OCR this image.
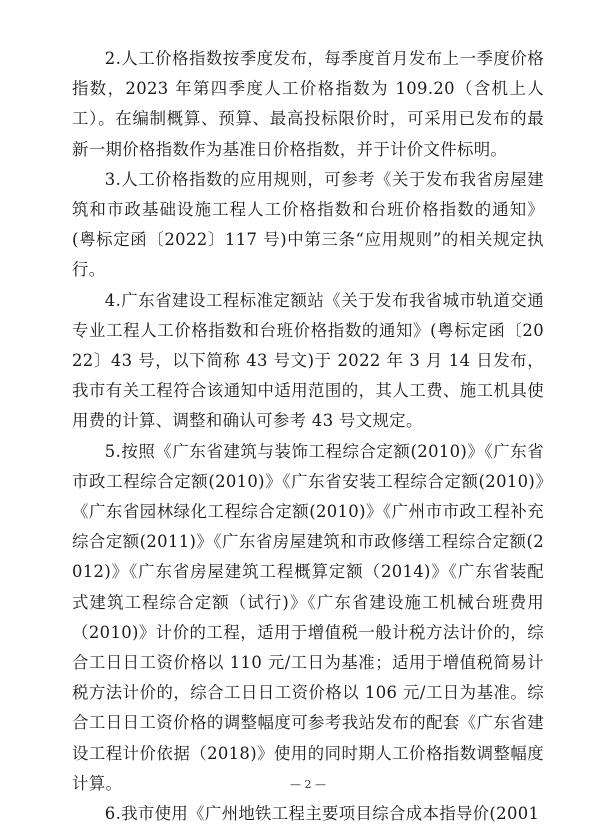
2.人工价格指数按季度发布，每季度首月发布上一季度价格指数，2023 年第四季度人工价格指数为 109.20（含机上人工）。在编制概算、预算、最高投标限价时，可采用已发布的最新一期价格指数作为基准日价格指数，并于计价文件标明。

3.人工价格指数的应用规则，可参考《关于发布我省房屋建筑和市政基础设施工程人工价格指数和台班价格指数的通知》(粤标定函〔2022〕117 号)中第三条“应用规则”的相关规定执行。

4.广东省建设工程标准定额站《关于发布我省城市轨道交通专业工程人工价格指数和台班价格指数的通知》(粤标定函〔2022〕43 号，以下简称 43 号文)于 2022 年 3 月 14 日发布，我市有关工程符合该通知中适用范围的，其人工费、施工机具使用费的计算、调整和确认可参考 43 号文规定。

5.按照《广东省建筑与装饰工程综合定额(2010)》《广东省市政工程综合定额(2010)》《广东省安装工程综合定额(2010)》《广东省园林绿化工程综合定额(2010)》《广州市市政工程补充综合定额(2011)》《广东省房屋建筑和市政修缮工程综合定额(2012)》《广东省房屋建筑工程概算定额（2014)》《广东省装配式建筑工程综合定额（试行)》《广东省建设施工机械台班费用（2010)》计价的工程，适用于增值税一般计税方法计价的，综合工日日工资价格以 110 元/工日为基准；适用于增值税简易计税方法计价的，综合工日日工资价格以 106 元/工日为基准。综合工日日工资价格的调整幅度可参考我站发布的配套《广东省建设工程计价依据（2018)》使用的同时期人工价格指数调整幅度计算。

6.我市使用《广州地铁工程主要项目综合成本指导价(2001

— 2 —
